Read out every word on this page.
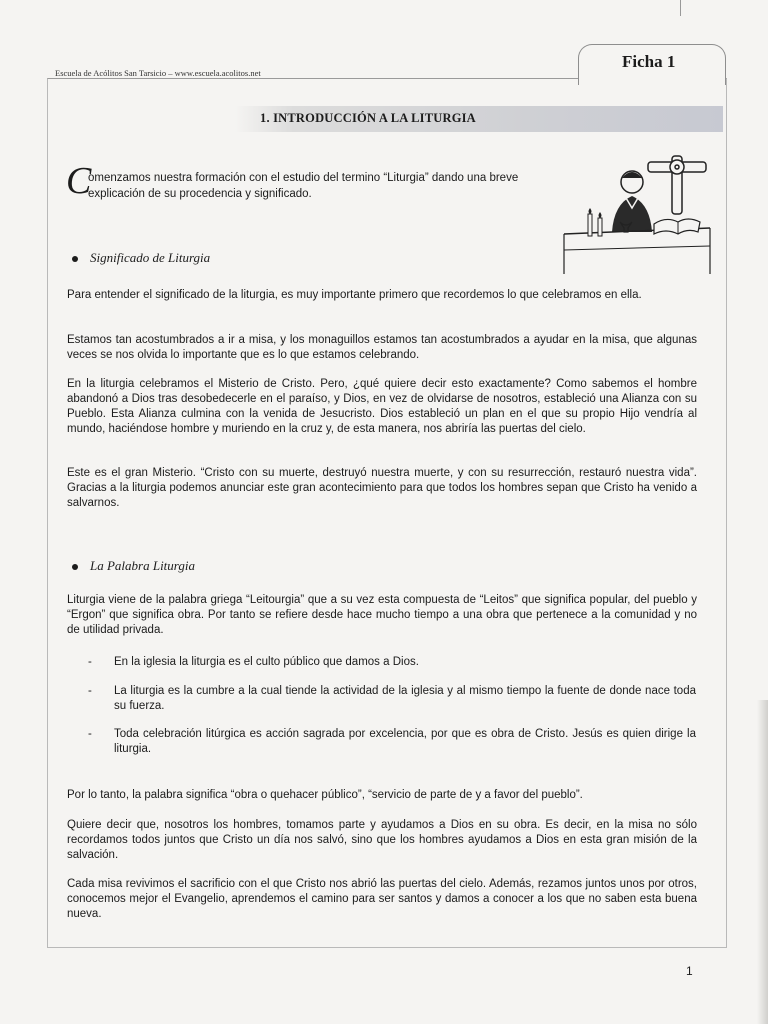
Escuela de Acólitos San Tarsicio – www.escuela.acolitos.net
Ficha 1
1. INTRODUCCIÓN A LA LITURGIA
C
omenzamos nuestra formación con el estudio del termino “Liturgia” dando una breve explicación de su procedencia y significado.
Significado de Liturgia
Para entender el significado de la liturgia, es muy importante primero que recordemos lo que celebramos en ella.
Estamos tan acostumbrados a ir a misa, y los monaguillos estamos tan acostumbrados a ayudar en la misa, que algunas veces se nos olvida lo importante que es lo que estamos celebrando.
En la liturgia celebramos el Misterio de Cristo. Pero, ¿qué quiere decir esto exactamente? Como sabemos el hombre abandonó a Dios tras desobedecerle en el paraíso, y Dios, en vez de olvidarse de nosotros, estableció una Alianza con su Pueblo. Esta Alianza culmina con la venida de Jesucristo. Dios estableció un plan en el que su propio Hijo vendría al mundo, haciéndose hombre y muriendo en la cruz y, de esta manera, nos abriría las puertas del cielo.
Este es el gran Misterio. “Cristo con su muerte, destruyó nuestra muerte, y con su resurrección, restauró nuestra vida”. Gracias a la liturgia podemos anunciar este gran acontecimiento para que todos los hombres sepan que Cristo ha venido a salvarnos.
La Palabra Liturgia
Liturgia viene de la palabra griega “Leitourgia” que a su vez esta compuesta de “Leitos” que significa popular, del pueblo y “Ergon” que significa obra. Por tanto se refiere desde hace mucho tiempo a una obra que pertenece a la comunidad y no de utilidad privada.
- En la iglesia la liturgia es el culto público que damos a Dios.
- La liturgia es la cumbre a la cual tiende la actividad de la iglesia y al mismo tiempo la fuente de donde nace toda su fuerza.
- Toda celebración litúrgica es acción sagrada por excelencia, por que es obra de Cristo. Jesús es quien dirige la liturgia.
Por lo tanto, la palabra significa “obra o quehacer público”, “servicio de parte de y a favor del pueblo”.
Quiere decir que, nosotros los hombres, tomamos parte y ayudamos a Dios en su obra. Es decir, en la misa no sólo recordamos todos juntos que Cristo un día nos salvó, sino que los hombres ayudamos a Dios en esta gran misión de la salvación.
Cada misa revivimos el sacrificio con el que Cristo nos abrió las puertas del cielo. Además, rezamos juntos unos por otros, conocemos mejor el Evangelio, aprendemos el camino para ser santos y damos a conocer a los que no saben esta buena nueva.
1
